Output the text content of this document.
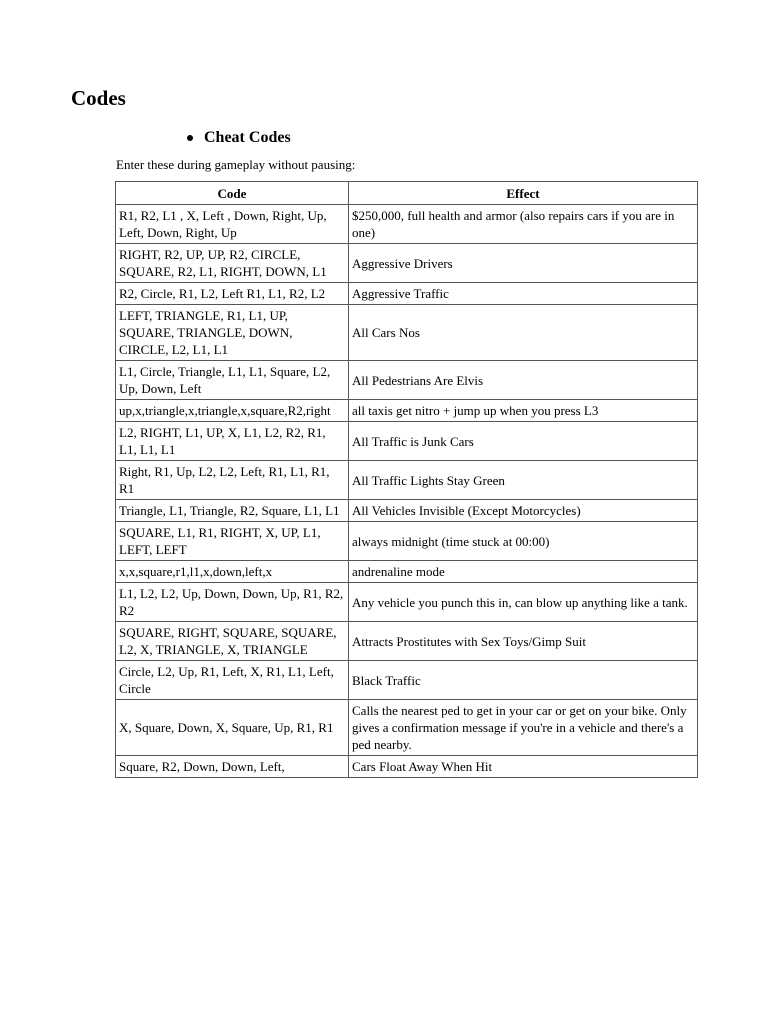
Codes
Cheat Codes

Enter these during gameplay without pausing:

Code	Effect
R1, R2, L1 , X, Left , Down, Right, Up, Left, Down, Right, Up	$250,000, full health and armor (also repairs cars if you are in one)
RIGHT, R2, UP, UP, R2, CIRCLE, SQUARE, R2, L1, RIGHT, DOWN, L1	Aggressive Drivers
R2, Circle, R1, L2, Left R1, L1, R2, L2	Aggressive Traffic
LEFT, TRIANGLE, R1, L1, UP, SQUARE, TRIANGLE, DOWN, CIRCLE, L2, L1, L1	All Cars Nos
L1, Circle, Triangle, L1, L1, Square, L2, Up, Down, Left	All Pedestrians Are Elvis
up,x,triangle,x,triangle,x,square,R2,right	all taxis get nitro + jump up when you press L3
L2, RIGHT, L1, UP, X, L1, L2, R2, R1, L1, L1, L1	All Traffic is Junk Cars
Right, R1, Up, L2, L2, Left, R1, L1, R1, R1	All Traffic Lights Stay Green
Triangle, L1, Triangle, R2, Square, L1, L1	All Vehicles Invisible (Except Motorcycles)
SQUARE, L1, R1, RIGHT, X, UP, L1, LEFT, LEFT	always midnight (time stuck at 00:00)
x,x,square,r1,l1,x,down,left,x	andrenaline mode
L1, L2, L2, Up, Down, Down, Up, R1, R2, R2	Any vehicle you punch this in, can blow up anything like a tank.
SQUARE, RIGHT, SQUARE, SQUARE, L2, X, TRIANGLE, X, TRIANGLE	Attracts Prostitutes with Sex Toys/Gimp Suit
Circle, L2, Up, R1, Left, X, R1, L1, Left, Circle	Black Traffic
X, Square, Down, X, Square, Up, R1, R1	Calls the nearest ped to get in your car or get on your bike. Only gives a confirmation message if you're in a vehicle and there's a ped nearby.
Square, R2, Down, Down, Left,	Cars Float Away When Hit
